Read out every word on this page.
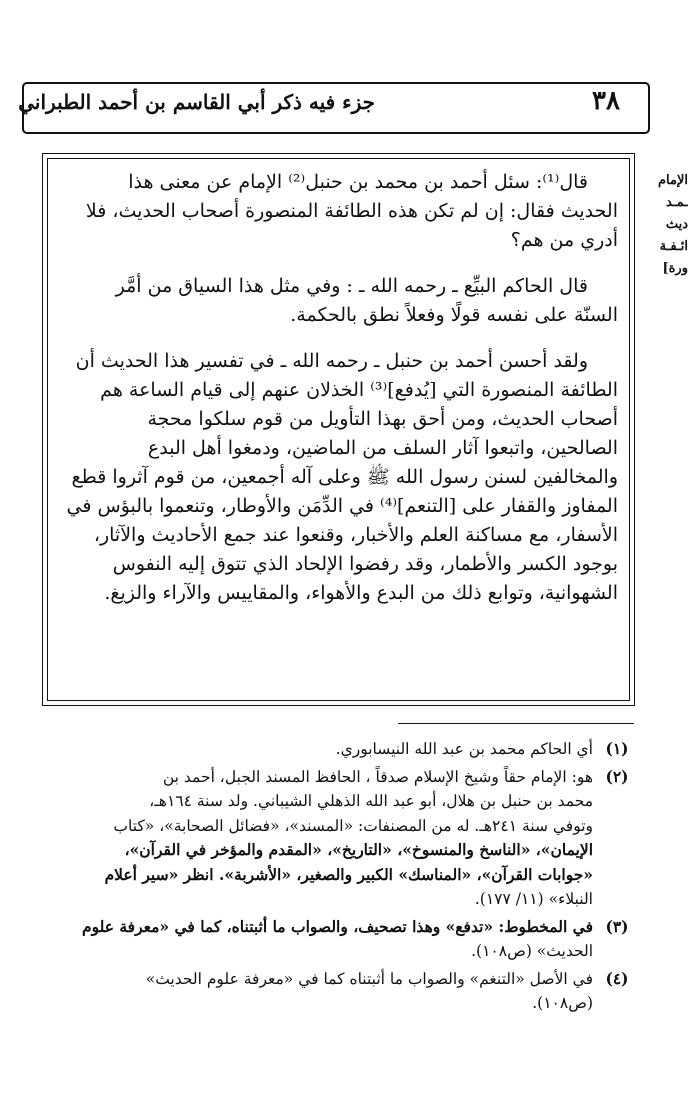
٣٨
جزء فيه ذكر أبي القاسم بن أحمد الطبراني
الإمام
ـمـد
ديث
ائـفـة
ورة]
قال⁽¹⁾: سئل أحمد بن محمد بن حنبل⁽²⁾ الإمام عن معنى هذا
الحديث فقال: إن لم تكن هذه الطائفة المنصورة أصحاب الحديث، فلا
أدري من هم؟
قال الحاكم البيِّع ـ رحمه الله ـ : وفي مثل هذا السياق من أمَّر
السنّة على نفسه قولًا وفعلاً نطق بالحكمة.
ولقد أحسن أحمد بن حنبل ـ رحمه الله ـ في تفسير هذا الحديث أن
الطائفة المنصورة التي [يُدفع]⁽³⁾ الخذلان عنهم إلى قيام الساعة هم
أصحاب الحديث، ومن أحق بهذا التأويل من قوم سلكوا محجة
الصالحين، واتبعوا آثار السلف من الماضين، ودمغوا أهل البدع
والمخالفين لسنن رسول الله ﷺ وعلى آله أجمعين، من قوم آثروا قطع
المفاوز والقفار على [التنعم]⁽⁴⁾ في الدِّمَن والأوطار، وتنعموا بالبؤس في
الأسفار، مع مساكنة العلم والأخبار، وقنعوا عند جمع الأحاديث والآثار،
بوجود الكسر والأطمار، وقد رفضوا الإلحاد الذي تتوق إليه النفوس
الشهوانية، وتوابع ذلك من البدع والأهواء، والمقاييس والآراء والزيغ.
(١)
أي الحاكم محمد بن عبد الله النيسابوري.
(٢)
هو: الإمام حقاً وشيخ الإسلام صدقاً ، الحافظ المسند الجبل، أحمد بن
محمد بن حنبل بن هلال، أبو عبد الله الذهلي الشيباني. ولد سنة ١٦٤هـ،
وتوفي سنة ٢٤١هـ. له من المصنفات: «المسند»، «فضائل الصحابة»، «كتاب
الإيمان»، «الناسخ والمنسوخ»، «التاريخ»، «المقدم والمؤخر في القرآن»،
«جوابات القرآن»، «المناسك» الكبير والصغير، «الأشربة». انظر «سير أعلام
النبلاء» (١١/ ١٧٧).
(٣)
في المخطوط: «تدفع» وهذا تصحيف، والصواب ما أثبتناه، كما في «معرفة علوم
الحديث» (ص١٠٨).
(٤)
في الأصل «التنغم» والصواب ما أثبتناه كما في «معرفة علوم الحديث»
(ص١٠٨).
